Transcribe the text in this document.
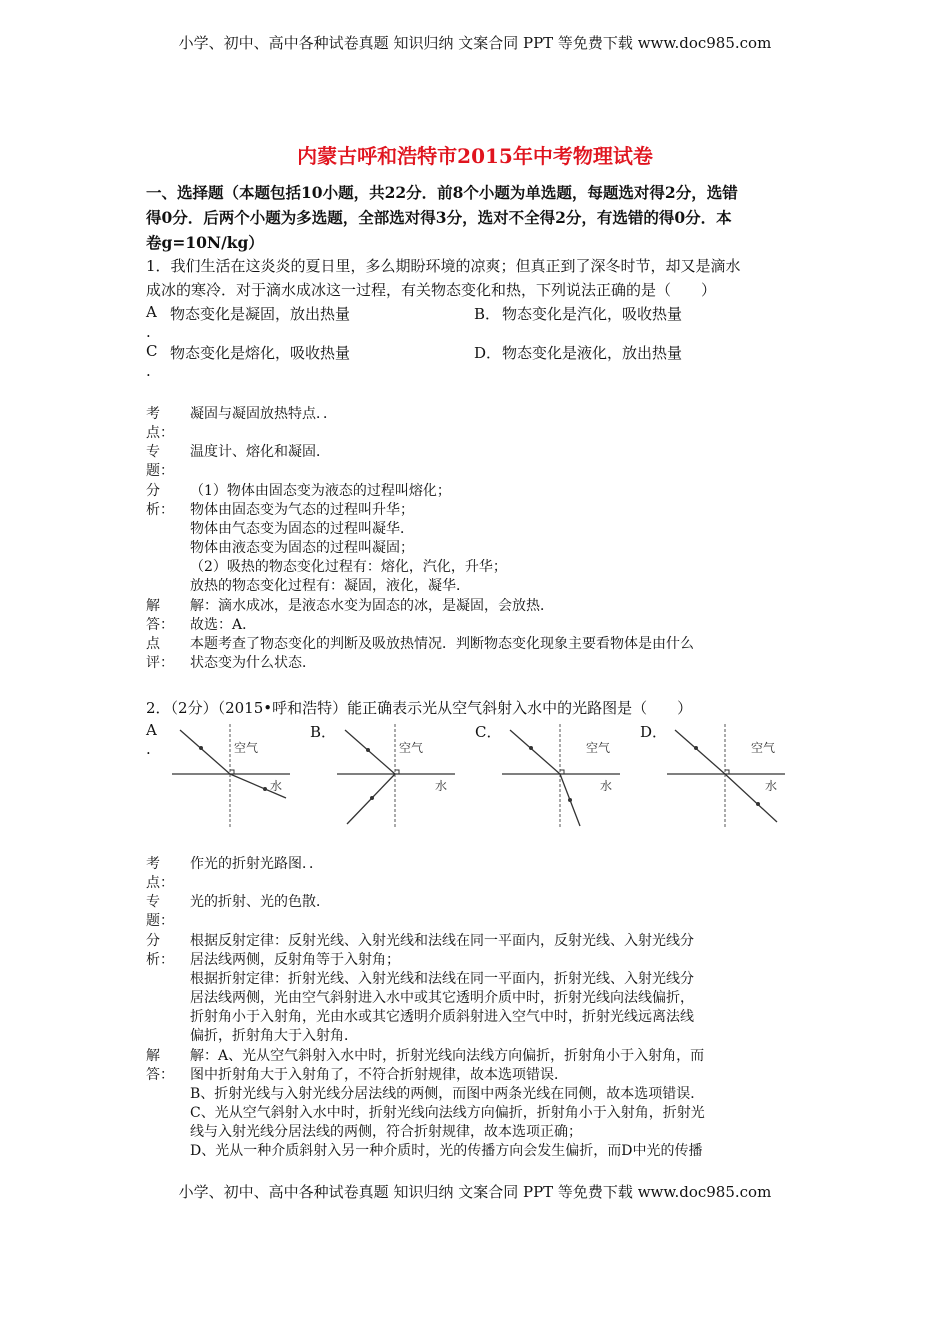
小学、初中、高中各种试卷真题 知识归纳 文案合同 PPT 等免费下载 www.doc985.com
内蒙古呼和浩特市2015年中考物理试卷
一、选择题（本题包括10小题，共22分．前8个小题为单选题，每题选对得2分，选错
得0分．后两个小题为多选题，全部选对得3分，选对不全得2分，有选错的得0分．本
卷g=10N/kg）
1．我们生活在这炎炎的夏日里，多么期盼环境的凉爽；但真正到了深冬时节，却又是滴水
成冰的寒冷．对于滴水成冰这一过程，有关物态变化和热，下列说法正确的是（　　）
A 物态变化是凝固，放出热量
.
B． 物态变化是汽化，吸收热量
C 物态变化是熔化，吸收热量
.
D． 物态变化是液化，放出热量
考
点：
凝固与凝固放热特点．．
专
题：
温度计、熔化和凝固．
分
析：
（1）物体由固态变为液态的过程叫熔化；
物体由固态变为气态的过程叫升华；
物体由气态变为固态的过程叫凝华．
物体由液态变为固态的过程叫凝固；
（2）吸热的物态变化过程有：熔化，汽化，升华；
放热的物态变化过程有：凝固，液化，凝华．
解
答：
解：滴水成冰，是液态水变为固态的冰，是凝固，会放热．
故选：A．
点
评：
本题考查了物态变化的判断及吸放热情况．判断物态变化现象主要看物体是由什么
状态变为什么状态．
2．（2分）（2015•呼和浩特）能正确表示光从空气斜射入水中的光路图是（　　）
A
.
B．	C．	D．
空气
水
空气
水
空气
水
空气
水
考
点：
作光的折射光路图．．
专
题：
光的折射、光的色散．
分
析：
根据反射定律：反射光线、入射光线和法线在同一平面内，反射光线、入射光线分
居法线两侧，反射角等于入射角；
根据折射定律：折射光线、入射光线和法线在同一平面内，折射光线、入射光线分
居法线两侧，光由空气斜射进入水中或其它透明介质中时，折射光线向法线偏折，
折射角小于入射角，光由水或其它透明介质斜射进入空气中时，折射光线远离法线
偏折，折射角大于入射角．
解
答：
解：A、光从空气斜射入水中时，折射光线向法线方向偏折，折射角小于入射角，而
图中折射角大于入射角了，不符合折射规律，故本选项错误．
B、折射光线与入射光线分居法线的两侧，而图中两条光线在同侧，故本选项错误．
C、光从空气斜射入水中时，折射光线向法线方向偏折，折射角小于入射角，折射光
线与入射光线分居法线的两侧，符合折射规律，故本选项正确；
D、光从一种介质斜射入另一种介质时，光的传播方向会发生偏折，而D中光的传播
小学、初中、高中各种试卷真题 知识归纳 文案合同 PPT 等免费下载 www.doc985.com
